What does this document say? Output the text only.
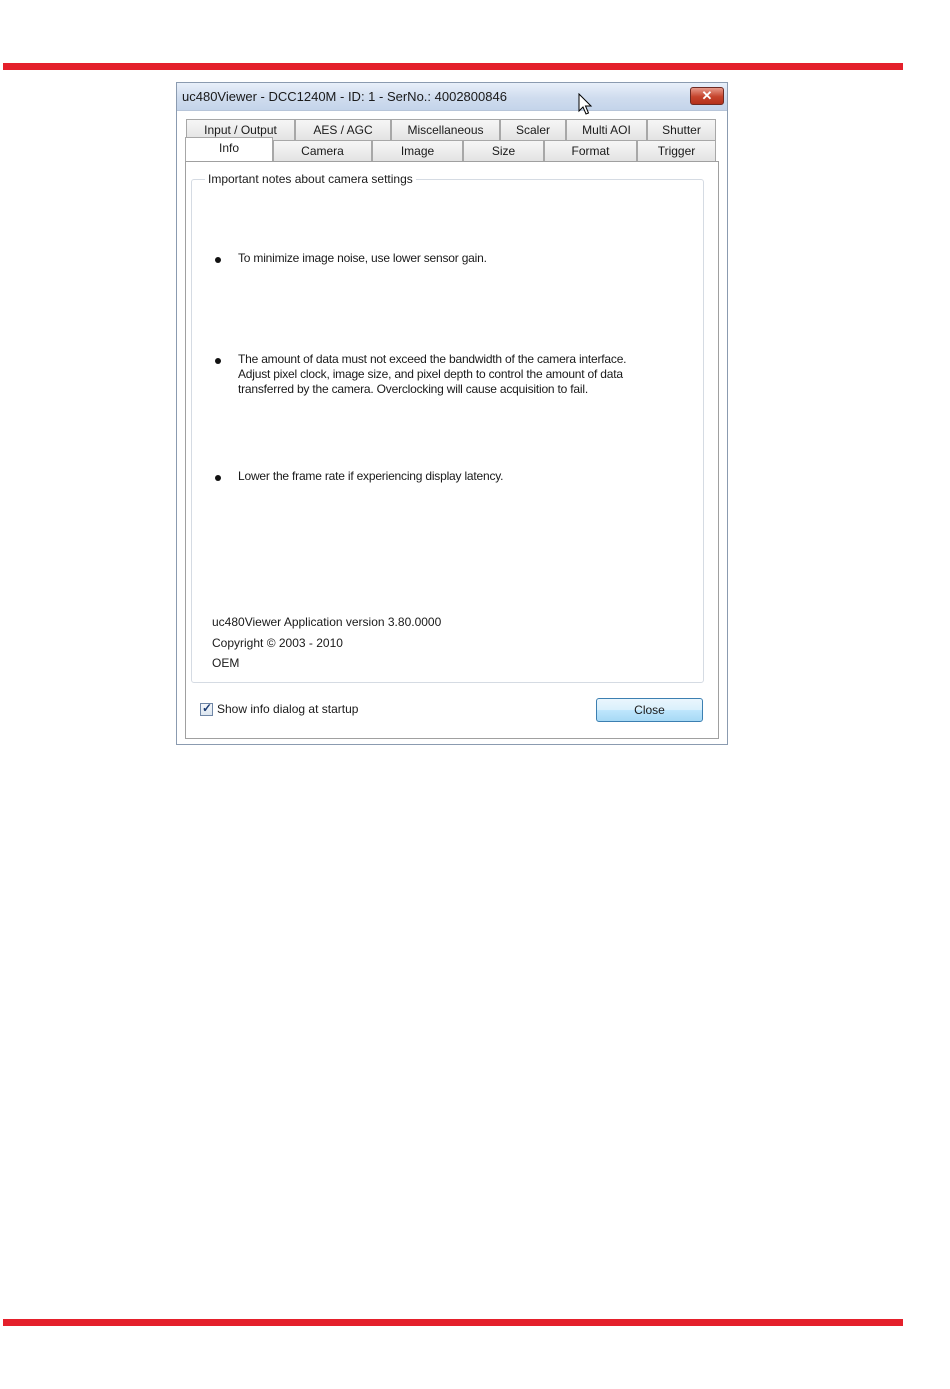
uc480Viewer - DCC1240M - ID: 1 - SerNo.: 4002800846	✕
Input / Output	AES / AGC	Miscellaneous	Scaler	Multi AOI	Shutter
Info	Camera	Image	Size	Format	Trigger
Important notes about camera settings
To minimize image noise, use lower sensor gain.
The amount of data must not exceed the bandwidth of the camera interface.
Adjust pixel clock, image size, and pixel depth to control the amount of data
transferred by the camera. Overclocking will cause acquisition to fail.
Lower the frame rate if experiencing display latency.
uc480Viewer Application version 3.80.0000
Copyright © 2003 - 2010
OEM
✓ Show info dialog at startup	Close
